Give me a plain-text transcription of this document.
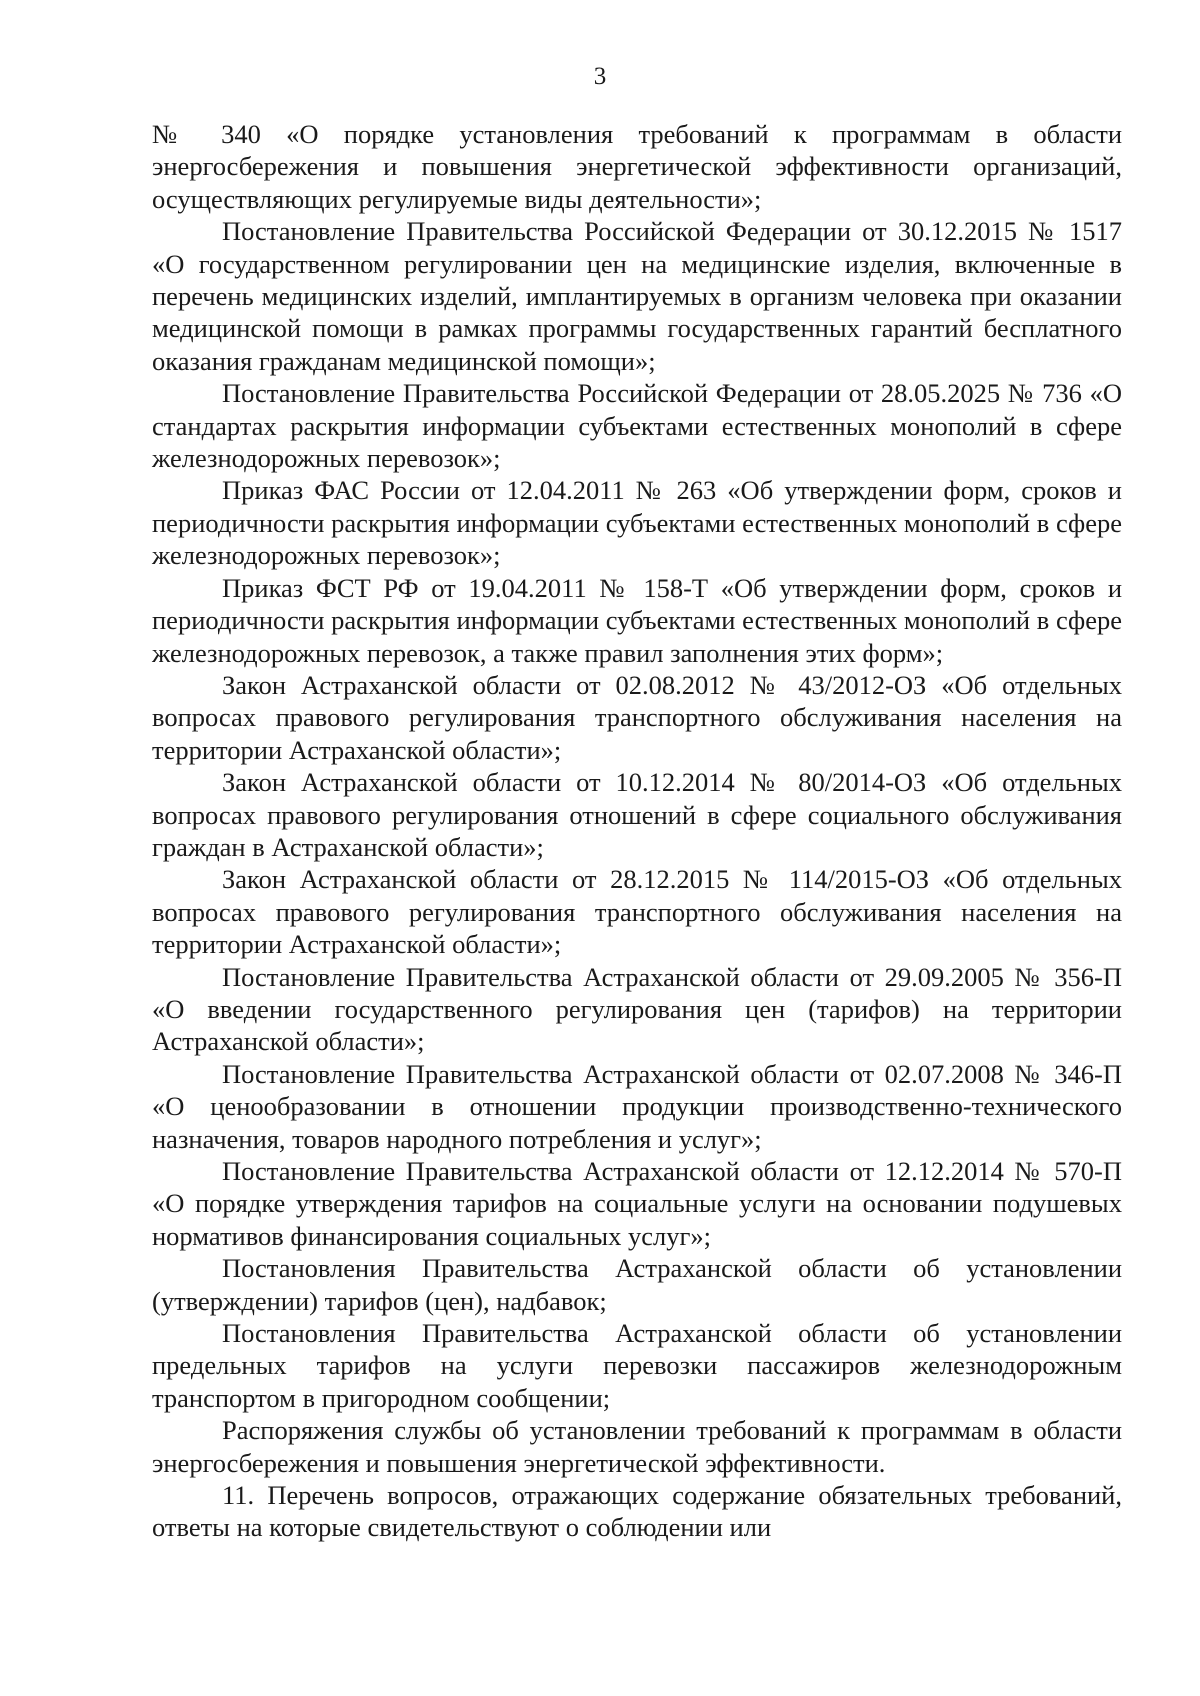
3

№ 340 «О порядке установления требований к программам в области энергосбережения и повышения энергетической эффективности организаций, осуществляющих регулируемые виды деятельности»;

Постановление Правительства Российской Федерации от 30.12.2015 № 1517 «О государственном регулировании цен на медицинские изделия, включенные в перечень медицинских изделий, имплантируемых в организм человека при оказании медицинской помощи в рамках программы государственных гарантий бесплатного оказания гражданам медицинской помощи»;

Постановление Правительства Российской Федерации от 28.05.2025 № 736 «О стандартах раскрытия информации субъектами естественных монополий в сфере железнодорожных перевозок»;

Приказ ФАС России от 12.04.2011 № 263 «Об утверждении форм, сроков и периодичности раскрытия информации субъектами естественных монополий в сфере железнодорожных перевозок»;

Приказ ФСТ РФ от 19.04.2011 № 158-Т «Об утверждении форм, сроков и периодичности раскрытия информации субъектами естественных монополий в сфере железнодорожных перевозок, а также правил заполнения этих форм»;

Закон Астраханской области от 02.08.2012 № 43/2012-ОЗ «Об отдельных вопросах правового регулирования транспортного обслуживания населения на территории Астраханской области»;

Закон Астраханской области от 10.12.2014 № 80/2014-ОЗ «Об отдельных вопросах правового регулирования отношений в сфере социального обслуживания граждан в Астраханской области»;

Закон Астраханской области от 28.12.2015 № 114/2015-ОЗ «Об отдельных вопросах правового регулирования транспортного обслуживания населения на территории Астраханской области»;

Постановление Правительства Астраханской области от 29.09.2005 № 356-П «О введении государственного регулирования цен (тарифов) на территории Астраханской области»;

Постановление Правительства Астраханской области от 02.07.2008 № 346-П «О ценообразовании в отношении продукции производственно-технического назначения, товаров народного потребления и услуг»;

Постановление Правительства Астраханской области от 12.12.2014 № 570-П «О порядке утверждения тарифов на социальные услуги на основании подушевых нормативов финансирования социальных услуг»;

Постановления Правительства Астраханской области об установлении (утверждении) тарифов (цен), надбавок;

Постановления Правительства Астраханской области об установлении предельных тарифов на услуги перевозки пассажиров железнодорожным транспортом в пригородном сообщении;

Распоряжения службы об установлении требований к программам в области энергосбережения и повышения энергетической эффективности.

11. Перечень вопросов, отражающих содержание обязательных требований, ответы на которые свидетельствуют о соблюдении или
